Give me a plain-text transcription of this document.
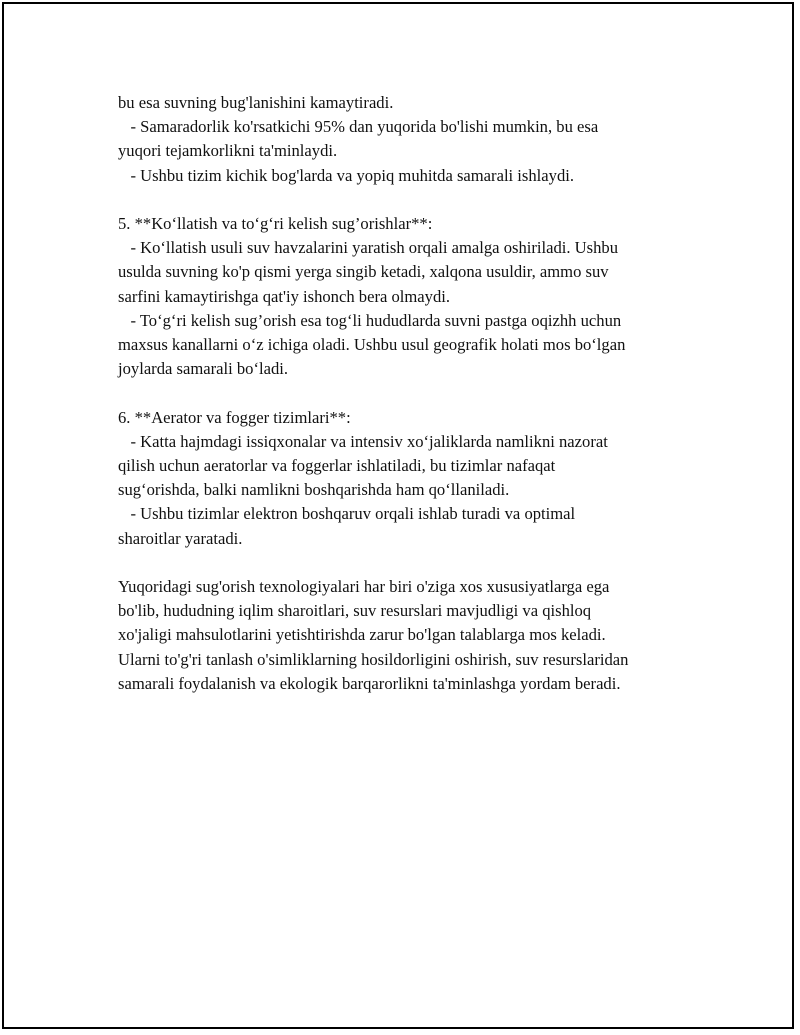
bu esa suvning bug'lanishini kamaytiradi.
- Samaradorlik ko'rsatkichi 95% dan yuqorida bo'lishi mumkin, bu esa
yuqori tejamkorlikni ta'minlaydi.
- Ushbu tizim kichik bog'larda va yopiq muhitda samarali ishlaydi.
5. **Ko‘llatish va to‘g‘ri kelish sug’orishlar**:
- Ko‘llatish usuli suv havzalarini yaratish orqali amalga oshiriladi. Ushbu
usulda suvning ko'p qismi yerga singib ketadi, xalqona usuldir, ammo suv
sarfini kamaytirishga qat'iy ishonch bera olmaydi.
- To‘g‘ri kelish sug’orish esa tog‘li hududlarda suvni pastga oqizhh uchun
maxsus kanallarni o‘z ichiga oladi. Ushbu usul geografik holati mos bo‘lgan
joylarda samarali bo‘ladi.
6. **Aerator va fogger tizimlari**:
- Katta hajmdagi issiqxonalar va intensiv xo‘jaliklarda namlikni nazorat
qilish uchun aeratorlar va foggerlar ishlatiladi, bu tizimlar nafaqat
sug‘orishda, balki namlikni boshqarishda ham qo‘llaniladi.
- Ushbu tizimlar elektron boshqaruv orqali ishlab turadi va optimal
sharoitlar yaratadi.
Yuqoridagi sug'orish texnologiyalari har biri o'ziga xos xususiyatlarga ega
bo'lib, hududning iqlim sharoitlari, suv resurslari mavjudligi va qishloq
xo'jaligi mahsulotlarini yetishtirishda zarur bo'lgan talablarga mos keladi.
Ularni to'g'ri tanlash o'simliklarning hosildorligini oshirish, suv resurslaridan
samarali foydalanish va ekologik barqarorlikni ta'minlashga yordam beradi.
